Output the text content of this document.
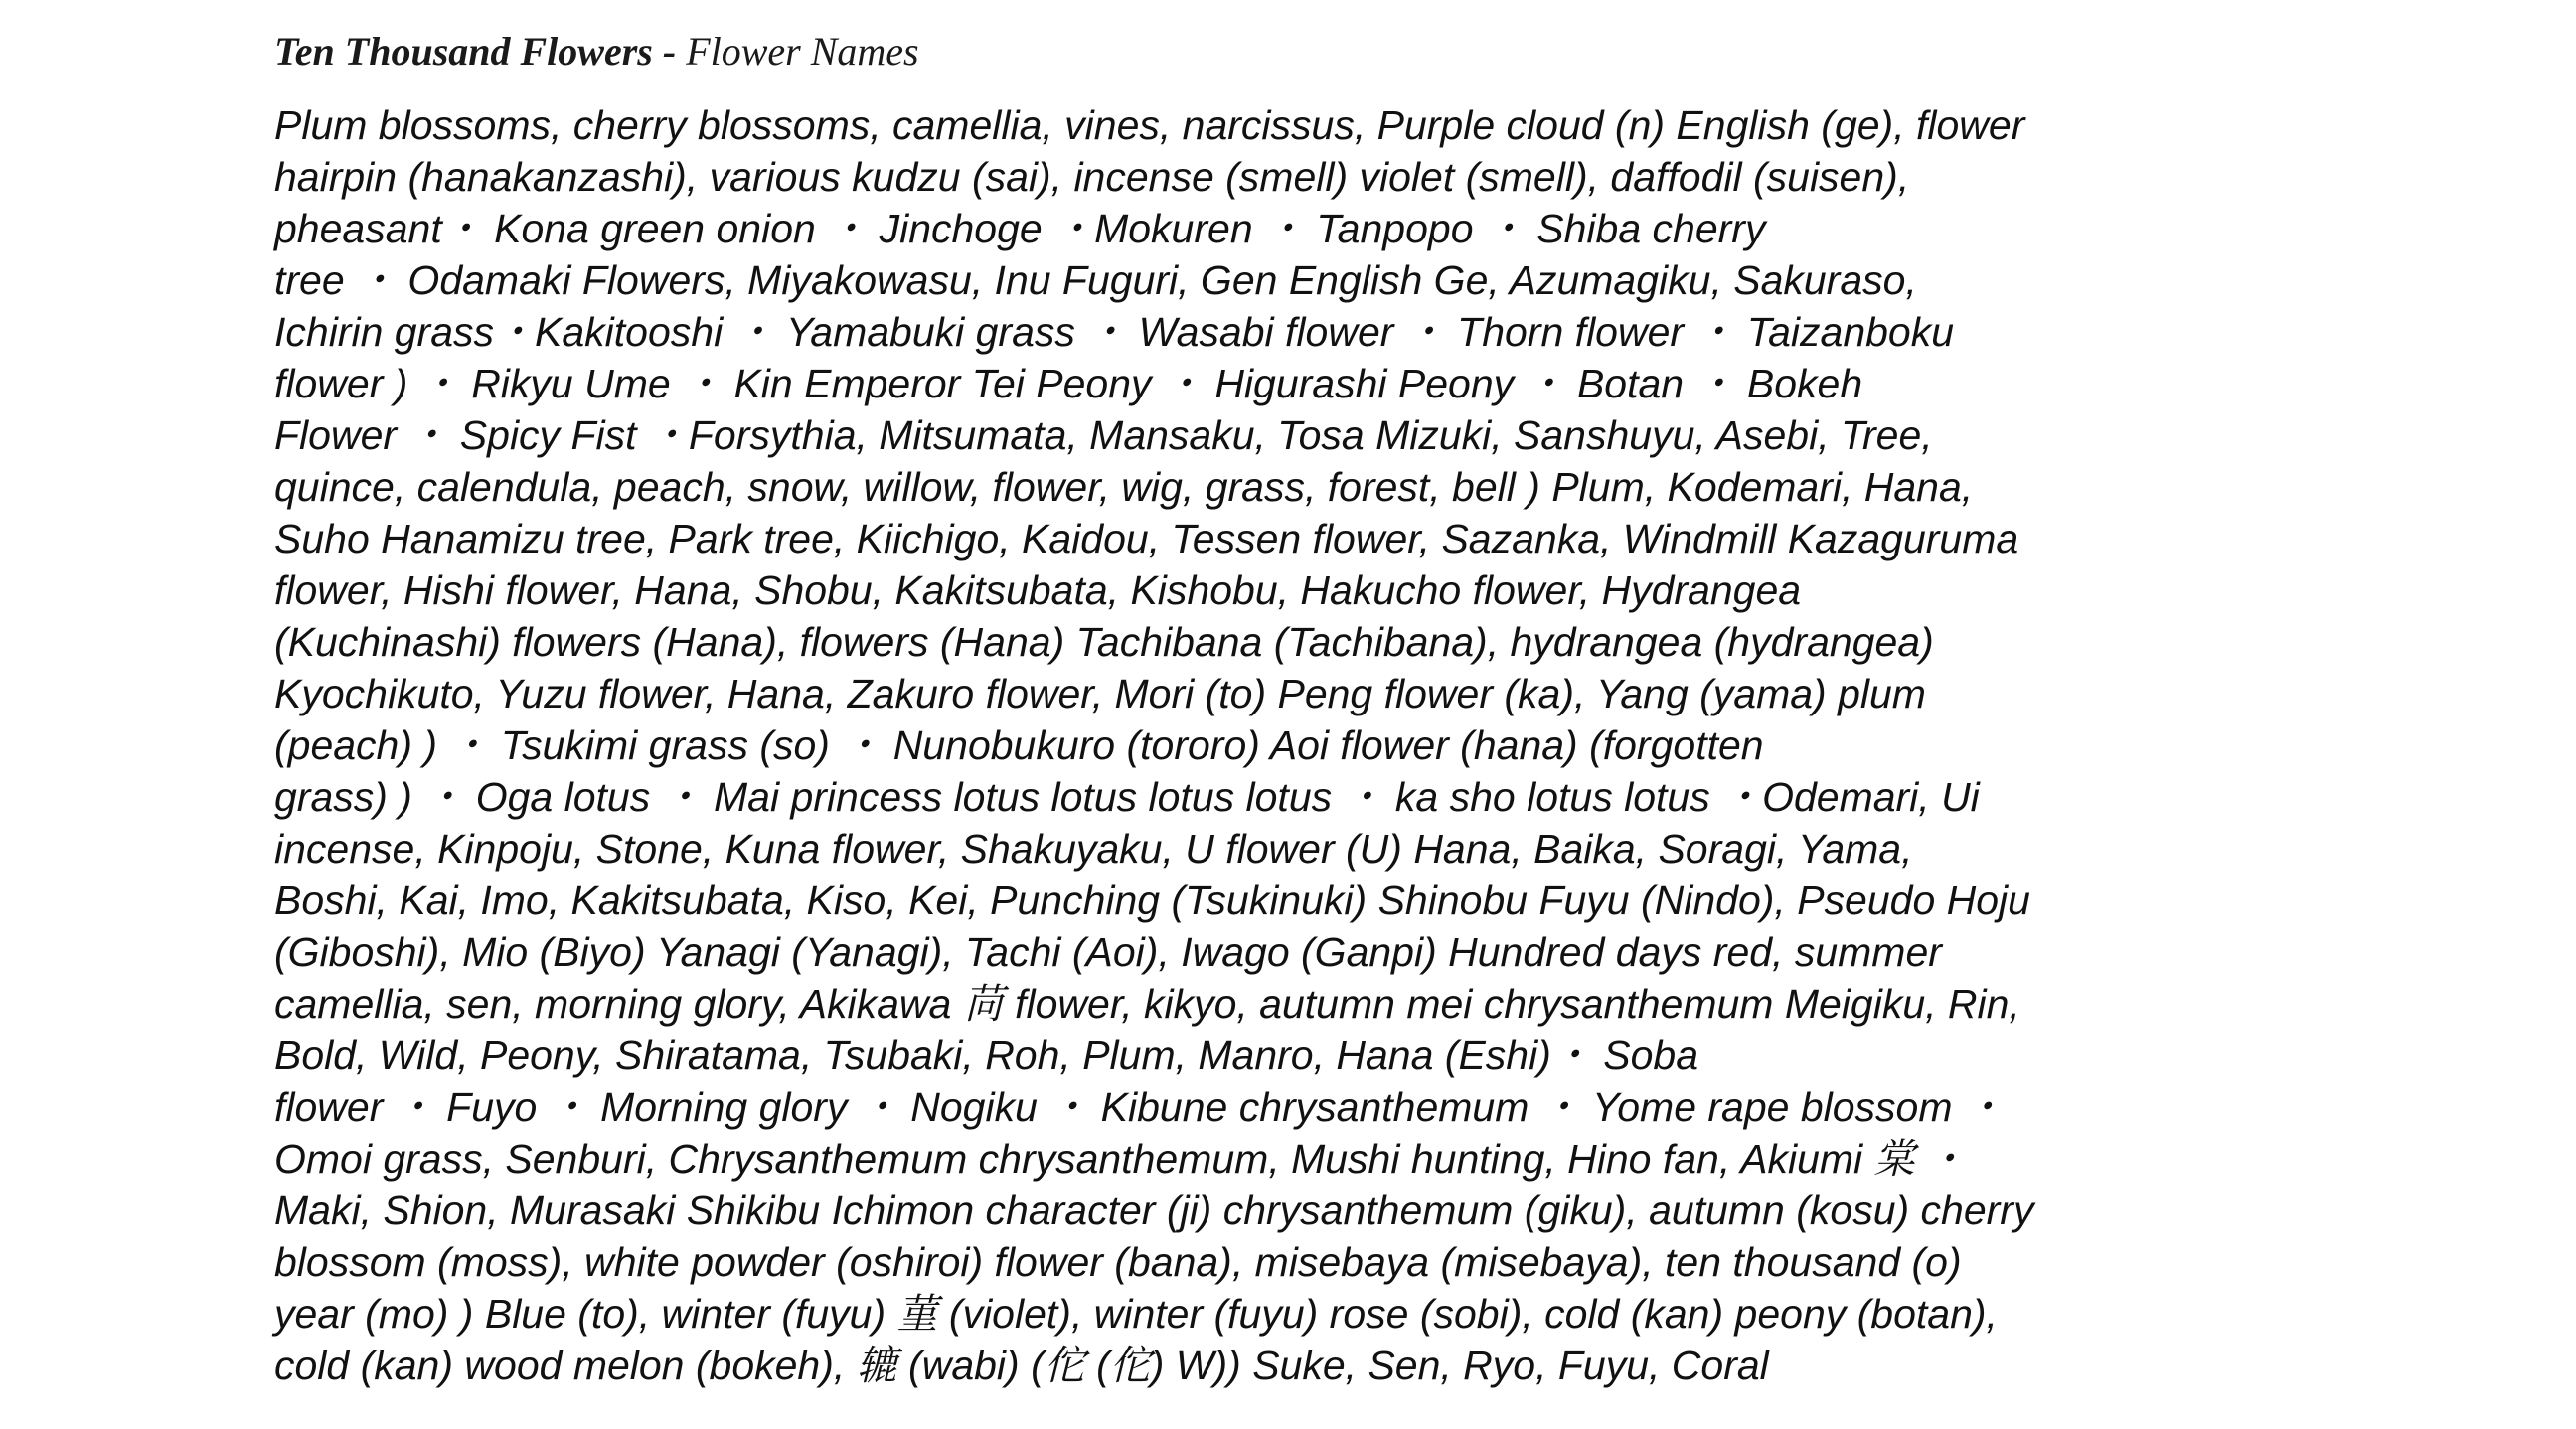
Ten Thousand Flowers - Flower Names
Plum blossoms, cherry blossoms, camellia, vines, narcissus, Purple cloud (n) English (ge), flower
hairpin (hanakanzashi), various kudzu (sai), incense (smell) violet (smell), daffodil (suisen),
pheasant・ Kona green onion ・ Jinchoge ・Mokuren ・ Tanpopo ・ Shiba cherry
tree ・ Odamaki Flowers, Miyakowasu, Inu Fuguri, Gen English Ge, Azumagiku, Sakuraso,
Ichirin grass・Kakitooshi ・ Yamabuki grass ・ Wasabi flower ・ Thorn flower ・ Taizanboku
flower ) ・ Rikyu Ume ・ Kin Emperor Tei Peony ・ Higurashi Peony ・ Botan ・ Bokeh
Flower ・ Spicy Fist ・Forsythia, Mitsumata, Mansaku, Tosa Mizuki, Sanshuyu, Asebi, Tree,
quince, calendula, peach, snow, willow, flower, wig, grass, forest, bell ) Plum, Kodemari, Hana,
Suho Hanamizu tree, Park tree, Kiichigo, Kaidou, Tessen flower, Sazanka, Windmill Kazaguruma
flower, Hishi flower, Hana, Shobu, Kakitsubata, Kishobu, Hakucho flower, Hydrangea
(Kuchinashi) flowers (Hana), flowers (Hana) Tachibana (Tachibana), hydrangea (hydrangea)
Kyochikuto, Yuzu flower, Hana, Zakuro flower, Mori (to) Peng flower (ka), Yang (yama) plum
(peach) ) ・ Tsukimi grass (so) ・ Nunobukuro (tororo) Aoi flower (hana) (forgotten
grass) ) ・ Oga lotus ・ Mai princess lotus lotus lotus lotus ・ ka sho lotus lotus ・Odemari, Ui
incense, Kinpoju, Stone, Kuna flower, Shakuyaku, U flower (U) Hana, Baika, Soragi, Yama,
Boshi, Kai, Imo, Kakitsubata, Kiso, Kei, Punching (Tsukinuki) Shinobu Fuyu (Nindo), Pseudo Hoju
(Giboshi), Mio (Biyo) Yanagi (Yanagi), Tachi (Aoi), Iwago (Ganpi) Hundred days red, summer
camellia, sen, morning glory, Akikawa 苘 flower, kikyo, autumn mei chrysanthemum Meigiku, Rin,
Bold, Wild, Peony, Shiratama, Tsubaki, Roh, Plum, Manro, Hana (Eshi)・ Soba
flower ・ Fuyo ・ Morning glory ・ Nogiku ・ Kibune chrysanthemum ・ Yome rape blossom ・
Omoi grass, Senburi, Chrysanthemum chrysanthemum, Mushi hunting, Hino fan, Akiumi 棠 ・
Maki, Shion, Murasaki Shikibu Ichimon character (ji) chrysanthemum (giku), autumn (kosu) cherry
blossom (moss), white powder (oshiroi) flower (bana), misebaya (misebaya), ten thousand (o)
year (mo) ) Blue (to), winter (fuyu) 菫 (violet), winter (fuyu) rose (sobi), cold (kan) peony (botan),
cold (kan) wood melon (bokeh), 辘 (wabi) (佗 (佗) W)) Suke, Sen, Ryo, Fuyu, Coral
